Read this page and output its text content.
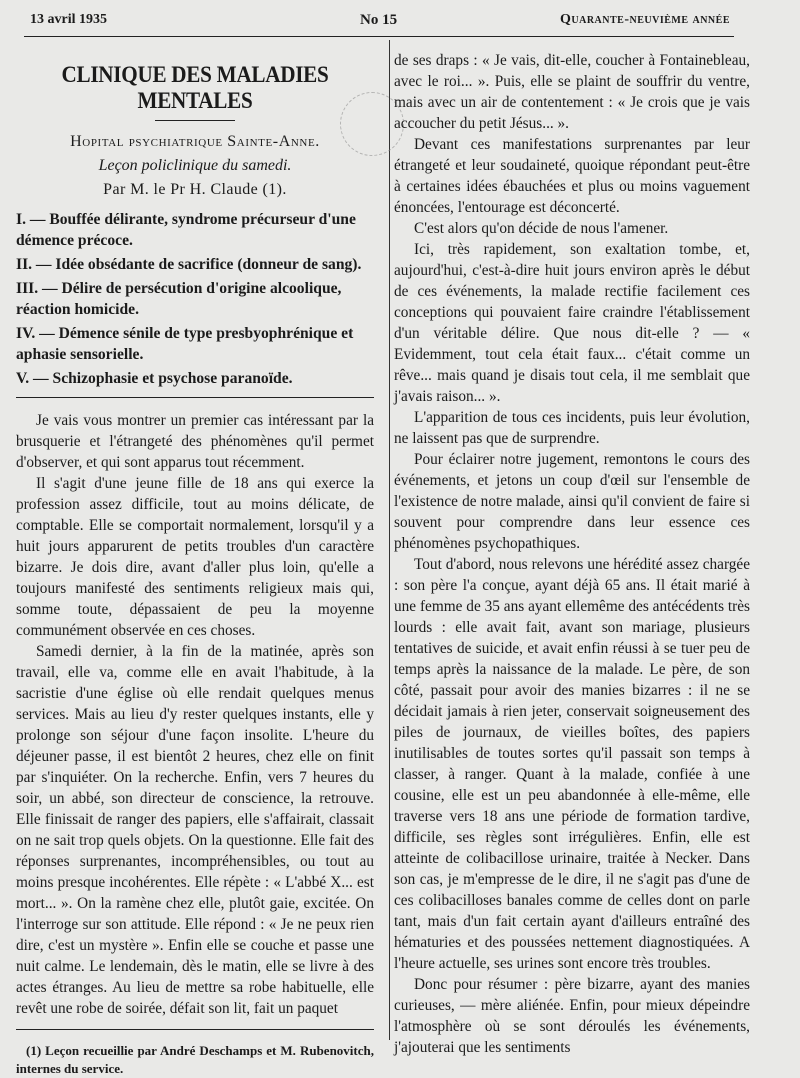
13 avril 1935	No 15	Quarante-neuvième année
CLINIQUE DES MALADIES MENTALES

Hopital psychiatrique Sainte-Anne.

Leçon policlinique du samedi.

Par M. le Pr H. Claude (1).

I. — Bouffée délirante, syndrome précurseur d'une démence précoce.
II. — Idée obsédante de sacrifice (donneur de sang).
III. — Délire de persécution d'origine alcoolique, réaction homicide.
IV. — Démence sénile de type presbyophrénique et aphasie sensorielle.
V. — Schizophasie et psychose paranoïde.

Je vais vous montrer un premier cas intéressant par la brusquerie et l'étrangeté des phénomènes qu'il permet d'observer, et qui sont apparus tout récemment.

Il s'agit d'une jeune fille de 18 ans qui exerce la profession assez difficile, tout au moins délicate, de comptable. Elle se comportait normalement, lorsqu'il y a huit jours apparurent de petits troubles d'un caractère bizarre. Je dois dire, avant d'aller plus loin, qu'elle a toujours manifesté des sentiments religieux mais qui, somme toute, dépassaient de peu la moyenne communément observée en ces choses.

Samedi dernier, à la fin de la matinée, après son travail, elle va, comme elle en avait l'habitude, à la sacristie d'une église où elle rendait quelques menus services. Mais au lieu d'y rester quelques instants, elle y prolonge son séjour d'une façon insolite. L'heure du déjeuner passe, il est bientôt 2 heures, chez elle on finit par s'inquiéter. On la recherche. Enfin, vers 7 heures du soir, un abbé, son directeur de conscience, la retrouve. Elle finissait de ranger des papiers, elle s'affairait, classait on ne sait trop quels objets. On la questionne. Elle fait des réponses surprenantes, incompréhensibles, ou tout au moins presque incohérentes. Elle répète : « L'abbé X... est mort... ». On la ramène chez elle, plutôt gaie, excitée. On l'interroge sur son attitude. Elle répond : « Je ne peux rien dire, c'est un mystère ». Enfin elle se couche et passe une nuit calme. Le lendemain, dès le matin, elle se livre à des actes étranges. Au lieu de mettre sa robe habituelle, elle revêt une robe de soirée, défait son lit, fait un paquet

(1) Leçon recueillie par André Deschamps et M. Rubenovitch, internes du service.

de ses draps : « Je vais, dit-elle, coucher à Fontainebleau, avec le roi... ». Puis, elle se plaint de souffrir du ventre, mais avec un air de contentement : « Je crois que je vais accoucher du petit Jésus... ».

Devant ces manifestations surprenantes par leur étrangeté et leur soudaineté, quoique répondant peut-être à certaines idées ébauchées et plus ou moins vaguement énoncées, l'entourage est déconcerté.

C'est alors qu'on décide de nous l'amener.

Ici, très rapidement, son exaltation tombe, et, aujourd'hui, c'est-à-dire huit jours environ après le début de ces événements, la malade rectifie facilement ces conceptions qui pouvaient faire craindre l'établissement d'un véritable délire. Que nous dit-elle ? — « Evidemment, tout cela était faux... c'était comme un rêve... mais quand je disais tout cela, il me semblait que j'avais raison... ».

L'apparition de tous ces incidents, puis leur évolution, ne laissent pas que de surprendre.

Pour éclairer notre jugement, remontons le cours des événements, et jetons un coup d'œil sur l'ensemble de l'existence de notre malade, ainsi qu'il convient de faire si souvent pour comprendre dans leur essence ces phénomènes psychopathiques.

Tout d'abord, nous relevons une hérédité assez chargée : son père l'a conçue, ayant déjà 65 ans. Il était marié à une femme de 35 ans ayant ellemême des antécédents très lourds : elle avait fait, avant son mariage, plusieurs tentatives de suicide, et avait enfin réussi à se tuer peu de temps après la naissance de la malade. Le père, de son côté, passait pour avoir des manies bizarres : il ne se décidait jamais à rien jeter, conservait soigneusement des piles de journaux, de vieilles boîtes, des papiers inutilisables de toutes sortes qu'il passait son temps à classer, à ranger. Quant à la malade, confiée à une cousine, elle est un peu abandonnée à elle-même, elle traverse vers 18 ans une période de formation tardive, difficile, ses règles sont irrégulières. Enfin, elle est atteinte de colibacillose urinaire, traitée à Necker. Dans son cas, je m'empresse de le dire, il ne s'agit pas d'une de ces colibacilloses banales comme de celles dont on parle tant, mais d'un fait certain ayant d'ailleurs entraîné des hématuries et des poussées nettement diagnostiquées. A l'heure actuelle, ses urines sont encore très troubles.

Donc pour résumer : père bizarre, ayant des manies curieuses, — mère aliénée. Enfin, pour mieux dépeindre l'atmosphère où se sont déroulés les événements, j'ajouterai que les sentiments
